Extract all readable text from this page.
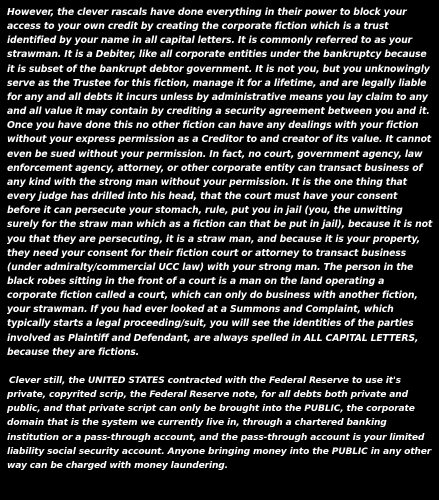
However, the clever rascals have done everything in their power to block your access to your own credit by creating the corporate fiction which is a trust identified by your name in all capital letters. It is commonly referred to as your strawman. It is a Debiter, like all corporate entities under the bankruptcy because it is subset of the bankrupt debtor government. It is not you, but you unknowingly serve as the Trustee for this fiction, manage it for a lifetime, and are legally liable for any and all debts it incurs unless by administrative means you lay claim to any and all value it may contain by crediting a security agreement between you and it. Once you have done this no other fiction can have any dealings with your fiction without your express permission as a Creditor to and creator of its value. It cannot even be sued without your permission. In fact, no court, government agency, law enforcement agency, attorney, or other corporate entity can transact business of any kind with the strong man without your permission. It is the one thing that every judge has drilled into his head, that the court must have your consent before it can persecute your stomach, rule, put you in jail (you, the unwitting surely for the straw man which as a fiction can that be put in jail), because it is not you that they are persecuting, it is a straw man, and because it is your property, they need your consent for their fiction court or attorney to transact business (under admiralty/commercial UCC law) with your strong man. The person in the black robes sitting in the front of a court is a man on the land operating a corporate fiction called a court, which can only do business with another fiction, your strawman. If you had ever looked at a Summons and Complaint, which typically starts a legal proceeding/suit, you will see the identities of the parties involved as Plaintiff and Defendant, are always spelled in ALL CAPITAL LETTERS, because they are fictions.

Clever still, the UNITED STATES contracted with the Federal Reserve to use it's private, copyrited scrip, the Federal Reserve note, for all debts both private and public, and that private script can only be brought into the PUBLIC, the corporate domain that is the system we currently live in, through a chartered banking institution or a pass-through account, and the pass-through account is your limited liability social security account. Anyone bringing money into the PUBLIC in any other way can be charged with money laundering.
